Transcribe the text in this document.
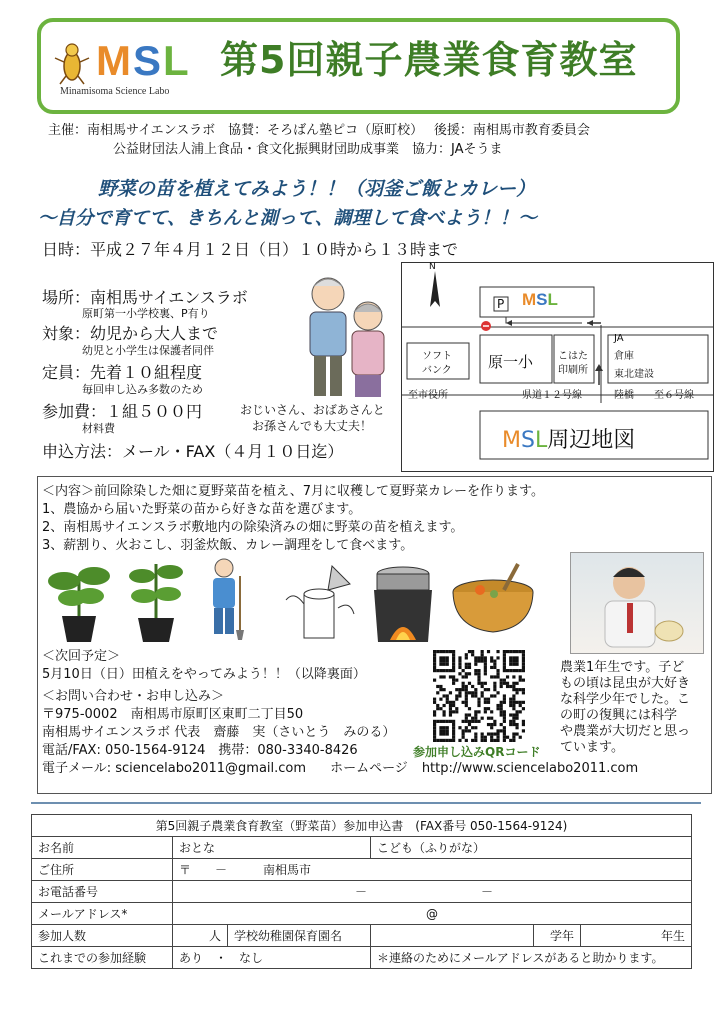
MSL
Minamisoma Science Labo
第5回親子農業食育教室
主催：南相馬サイエンスラボ　協賛：そろばん塾ピコ（原町校）　 後援：南相馬市教育委員会
公益財団法人浦上食品・食文化振興財団助成事業　協力：JAそうま
野菜の苗を植えてみよう！！（羽釜ご飯とカレー）
〜自分で育てて、きちんと測って、調理して食べよう！！〜
日時：平成２７年４月１２日（日）１０時から１３時まで
場所：南相馬サイエンスラボ
原町第一小学校裏、P有り
対象：幼児から大人まで
幼児と小学生は保護者同伴
定員：先着１０組程度
毎回申し込み多数のため
参加費：１組５００円
材料費
申込方法：メール・FAX（４月１０日迄）
おじいさん、おばあさんと
お孫さんでも大丈夫！
N
P MSL
原一小
ソフト
バンク
こはた
印刷所
JA
倉庫
東北建設
至市役所	県道１２号線	陸橋 至６号線
MSL周辺地図
＜内容＞前回除染した畑に夏野菜苗を植え、7月に収穫して夏野菜カレーを作ります。
1、農協から届いた野菜の苗から好きな苗を選びます。
2、南相馬サイエンスラボ敷地内の除染済みの畑に野菜の苗を植えます。
3、薪割り、火おこし、羽釜炊飯、カレー調理をして食べます。
＜次回予定＞
5月10日（日）田植えをやってみよう！！（以降裏面）
＜お問い合わせ・お申し込み＞
〒975-0002　南相馬市原町区東町二丁目50
南相馬サイエンスラボ 代表　齋藤　実（さいとう　みのる）
電話/FAX: 050-1564-9124　携帯：080-3340-8426
電子メール: sciencelabo2011@gmail.com ホームページ http://www.sciencelabo2011.com
参加申し込みQRコード
農業1年生です。子ど
もの頃は昆虫が大好き
な科学少年でした。こ
の町の復興には科学
や農業が大切だと思っ
ています。
第5回親子農業食育教室（野菜苗）参加申込書　(FAX番号 050-1564-9124)					
お名前	おとな		こども（ふりがな）		
ご住所	〒　　－　　　南相馬市				
お電話番号	－ －				
メールアドレス*	@				
参加人数	人	学校幼稚園保育園名		学年	年生
これまでの参加経験	あり　・　なし		＊連絡のためにメールアドレスがあると助かります。		
